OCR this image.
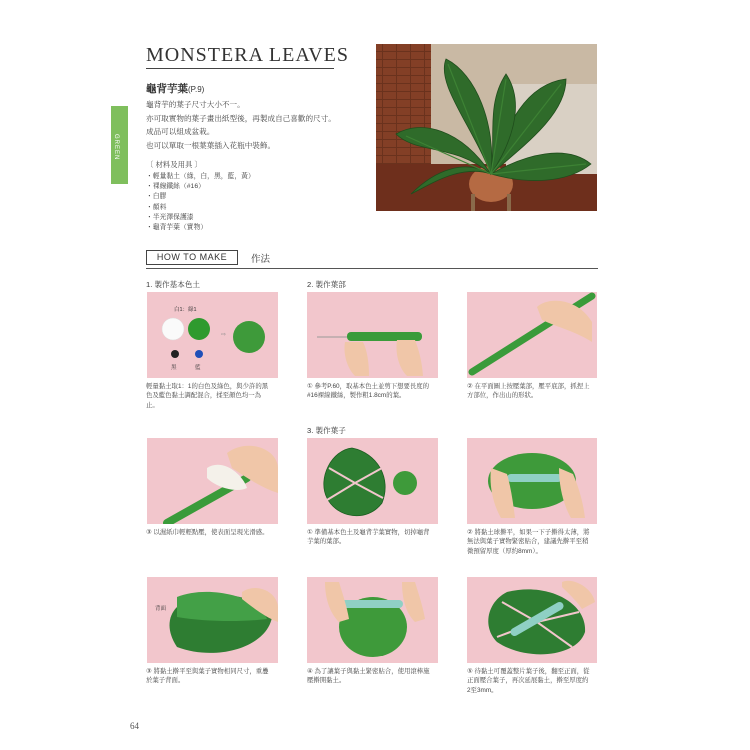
MONSTERA LEAVES
龜背芋葉(P.9)
GREEN
龜背芋的葉子尺寸大小不一。
亦可取實物的葉子畫出紙型後，再製成自己喜歡的尺寸。
成品可以組成盆栽。
也可以單取一根葉葉插入花瓶中裝飾。
〔 材料及用具 〕
・輕量黏土（綠，白，黑，藍，黃）
・裸線鐵絲（#16）
・白膠
・顏料
・半光澤保護漆
・龜背芋葉（實物）
HOW TO MAKE	作法
1. 製作基本色土	2. 製作葉部
3. 製作葉子
⇨
白1：綠1
黑	藍
輕量黏土取1：1的白色及綠色，與少許的黑
色及藍色黏土調配混合，揉至顏色均一為
止。
① 參考P.60，取基本色土並剪下想要長度的
#16裸線鐵絲，製作粗1.8cm的葉。
② 在平面圖上按壓葉部，壓平底部，抓捏上
方部位，作出山的形狀。
③ 以濕紙巾輕輕點壓，使表面呈現光滑感。	① 準備基本色土及龜背芋葉實物，切掉龜背
芋葉的葉部。
② 將黏土球擀平，如果一下子擀得太薄，將
無法與葉子實物緊密貼合，建議先擀平至稍
微預留厚度（厚約8mm）。
背面
③ 將黏土擀平至與葉子實物相同尺寸，重疊
於葉子背面。
④ 為了讓葉子與黏土緊密貼合，使用滾棒施
壓擀開黏土。
⑤ 待黏土可覆蓋整片葉子後，翻至正面，從
正面壓合葉子，再次延展黏土，擀至厚度約
2至3mm。
64
